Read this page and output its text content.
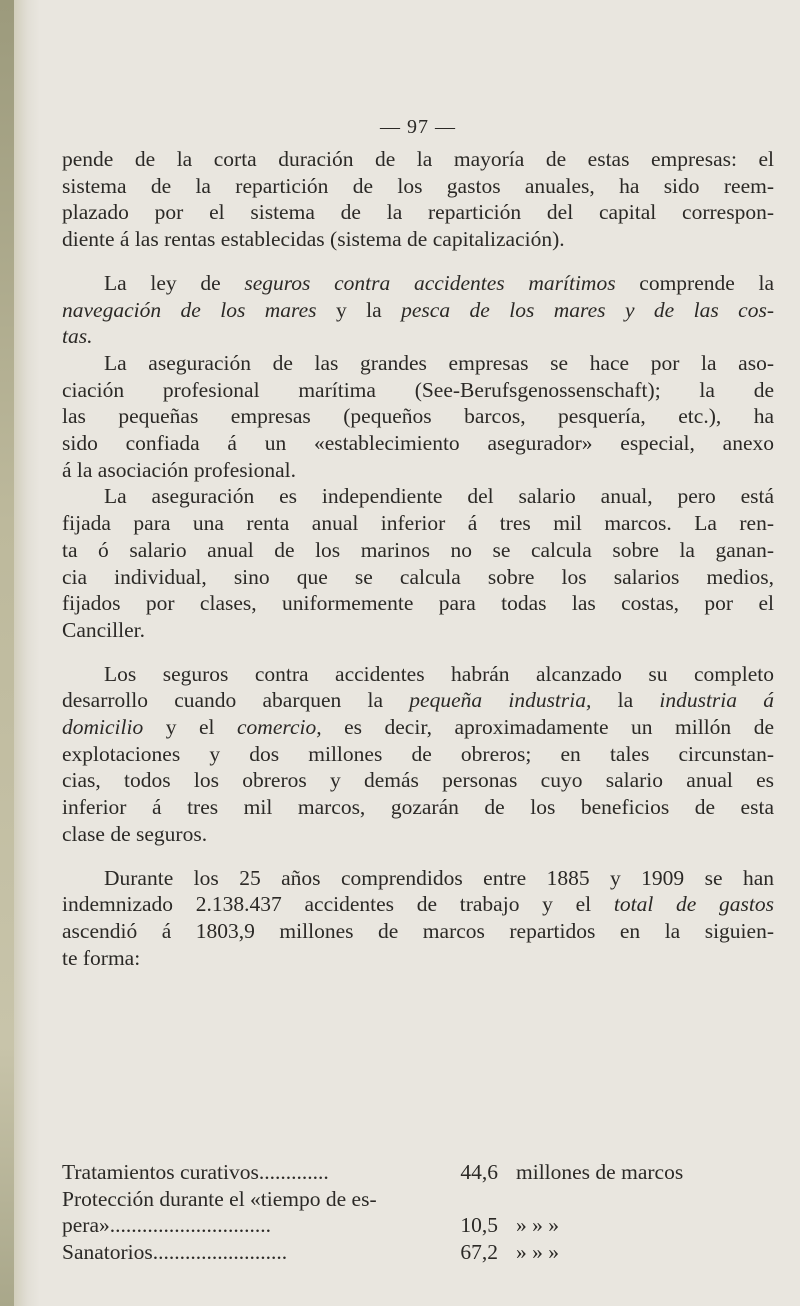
— 97 —

pende de la corta duración de la mayoría de estas empresas: el
sistema de la repartición de los gastos anuales, ha sido reem-
plazado por el sistema de la repartición del capital correspon-
diente á las rentas establecidas (sistema de capitalización).

La ley de seguros contra accidentes marítimos comprende la
navegación de los mares y la pesca de los mares y de las cos-
tas.

La aseguración de las grandes empresas se hace por la aso-
ciación profesional marítima (See-Berufsgenossenschaft); la de
las pequeñas empresas (pequeños barcos, pesquería, etc.), ha
sido confiada á un «establecimiento asegurador» especial, anexo
á la asociación profesional.

La aseguración es independiente del salario anual, pero está
fijada para una renta anual inferior á tres mil marcos. La ren-
ta ó salario anual de los marinos no se calcula sobre la ganan-
cia individual, sino que se calcula sobre los salarios medios,
fijados por clases, uniformemente para todas las costas, por el
Canciller.

Los seguros contra accidentes habrán alcanzado su completo
desarrollo cuando abarquen la pequeña industria, la industria á
domicilio y el comercio, es decir, aproximadamente un millón de
explotaciones y dos millones de obreros; en tales circunstan-
cias, todos los obreros y demás personas cuyo salario anual es
inferior á tres mil marcos, gozarán de los beneficios de esta
clase de seguros.

Durante los 25 años comprendidos entre 1885 y 1909 se han
indemnizado 2.138.437 accidentes de trabajo y el total de gastos
ascendió á 1803,9 millones de marcos repartidos en la siguien-
te forma:

Tratamientos curativos.............	44,6 millones de marcos
Protección durante el «tiempo de es-
pera»..............................	10,5 » » »
Sanatorios.........................	67,2 » » »
